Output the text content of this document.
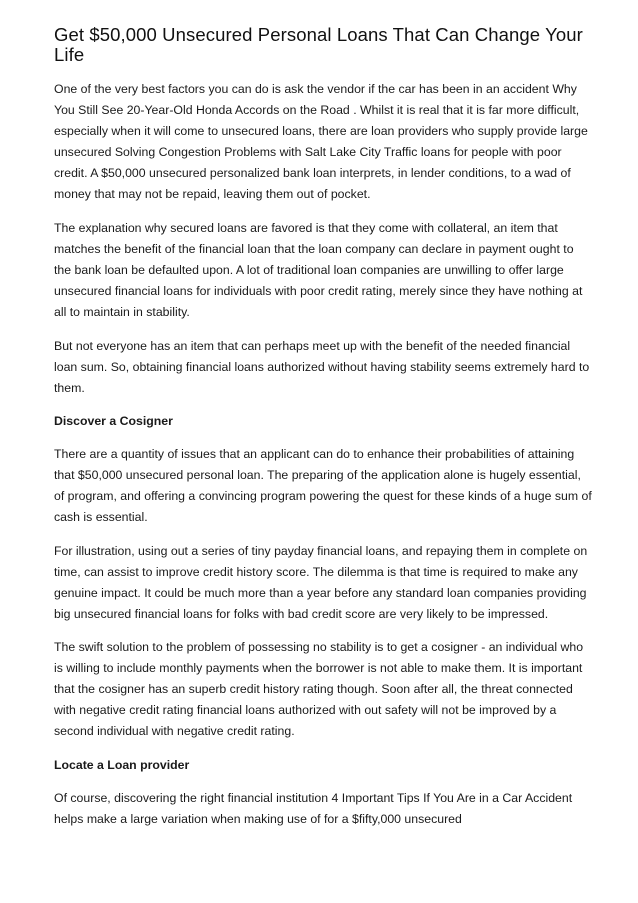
Get $50,000 Unsecured Personal Loans That Can Change Your Life

One of the very best factors you can do is ask the vendor if the car has been in an accident Why You Still See 20-Year-Old Honda Accords on the Road . Whilst it is real that it is far more difficult, especially when it will come to unsecured loans, there are loan providers who supply provide large unsecured Solving Congestion Problems with Salt Lake City Traffic loans for people with poor credit. A $50,000 unsecured personalized bank loan interprets, in lender conditions, to a wad of money that may not be repaid, leaving them out of pocket.

The explanation why secured loans are favored is that they come with collateral, an item that matches the benefit of the financial loan that the loan company can declare in payment ought to the bank loan be defaulted upon. A lot of traditional loan companies are unwilling to offer large unsecured financial loans for individuals with poor credit rating, merely since they have nothing at all to maintain in stability.

But not everyone has an item that can perhaps meet up with the benefit of the needed financial loan sum. So, obtaining financial loans authorized without having stability seems extremely hard to them.

Discover a Cosigner

There are a quantity of issues that an applicant can do to enhance their probabilities of attaining that $50,000 unsecured personal loan. The preparing of the application alone is hugely essential, of program, and offering a convincing program powering the quest for these kinds of a huge sum of cash is essential.

For illustration, using out a series of tiny payday financial loans, and repaying them in complete on time, can assist to improve credit history score. The dilemma is that time is required to make any genuine impact. It could be much more than a year before any standard loan companies providing big unsecured financial loans for folks with bad credit score are very likely to be impressed.

The swift solution to the problem of possessing no stability is to get a cosigner - an individual who is willing to include monthly payments when the borrower is not able to make them. It is important that the cosigner has an superb credit history rating though. Soon after all, the threat connected with negative credit rating financial loans authorized with out safety will not be improved by a second individual with negative credit rating.

Locate a Loan provider

Of course, discovering the right financial institution 4 Important Tips If You Are in a Car Accident helps make a large variation when making use of for a $fifty,000 unsecured
